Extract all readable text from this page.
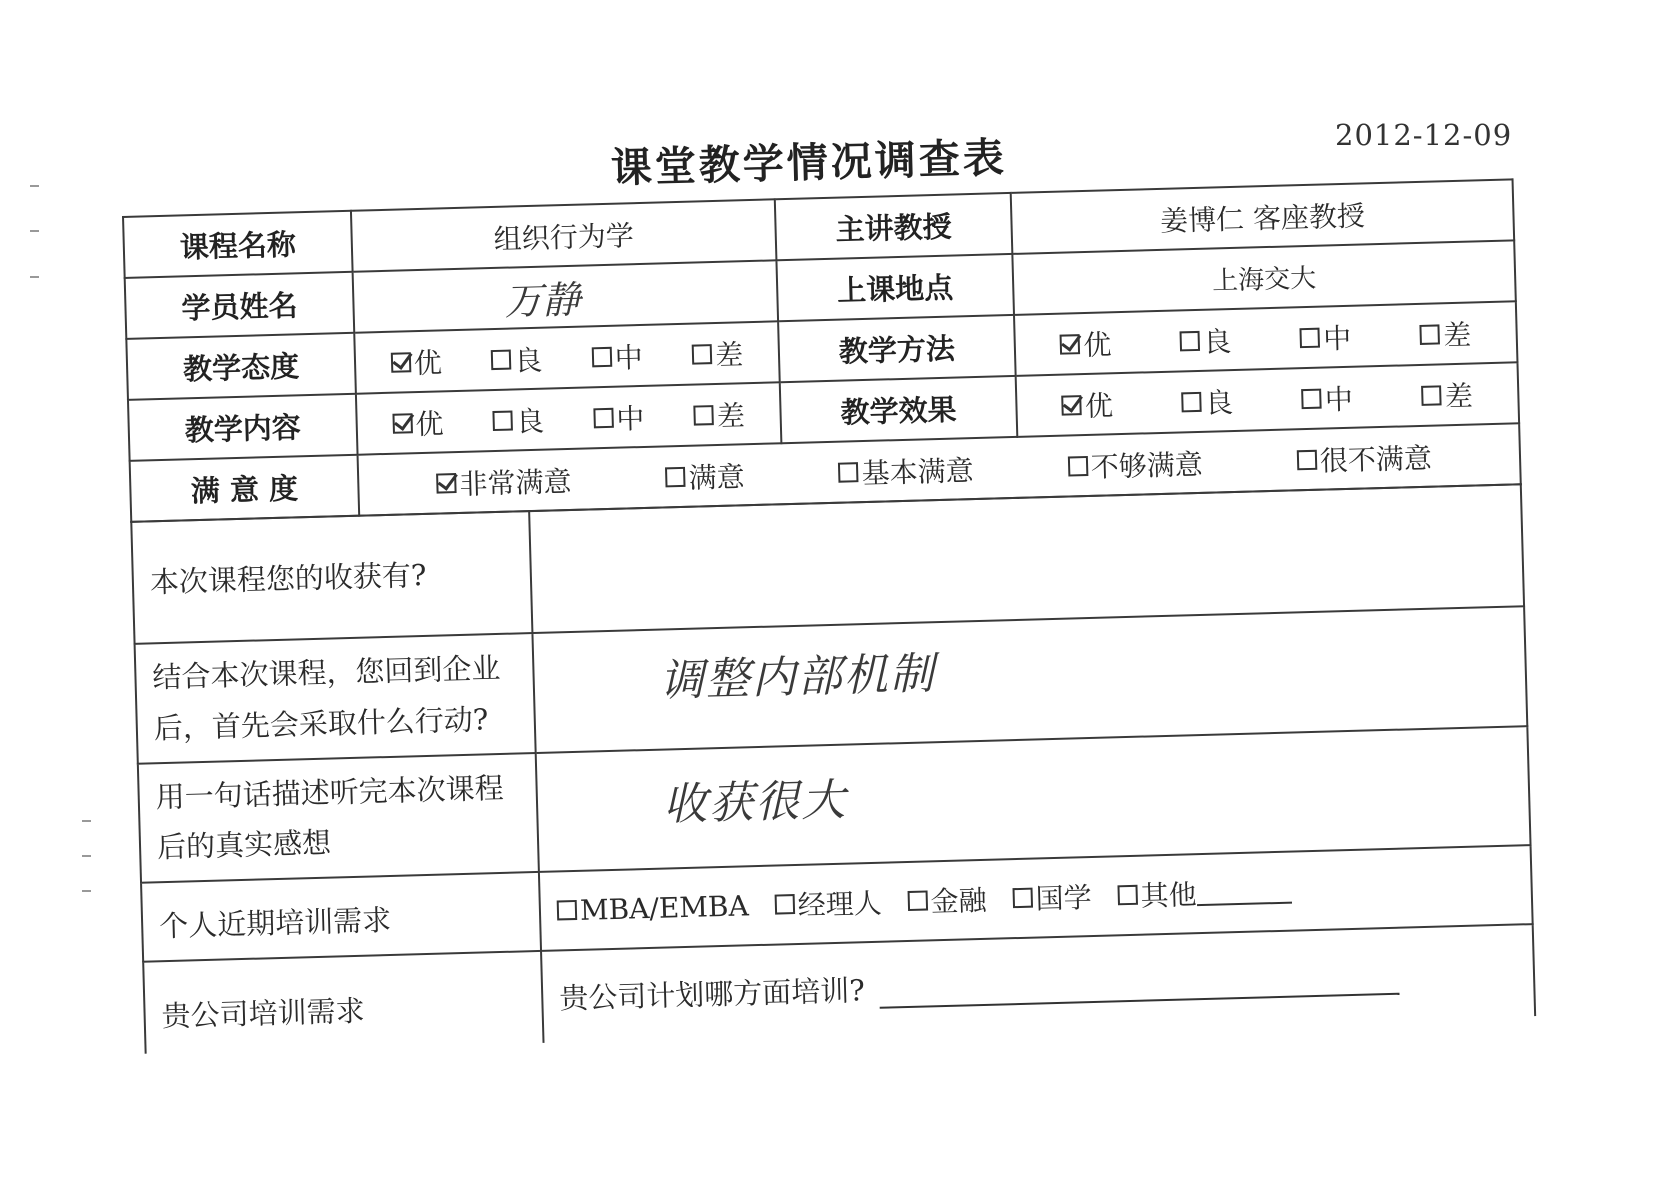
2012-12-09
课堂教学情况调查表
课程名称	组织行为学	主讲教授	姜博仁 客座教授
学员姓名	万静	上课地点	上海交大
教学态度	优 良 中 差	教学方法	优 良 中 差

教学内容	优 良 中 差	教学效果	优 良 中 差

满 意 度	非常满意 满意 基本满意 不够满意 很不满意		
本次课程您的收获有?	

结合本次课程，您回到企业
后，首先会采取什么行动?	调整内部机制

用一句话描述听完本次课程
后的真实感想	收获很大
个人近期培训需求	MBA/EMBA 经理人 金融 国学 其他

贵公司培训需求	贵公司计划哪方面培训?
